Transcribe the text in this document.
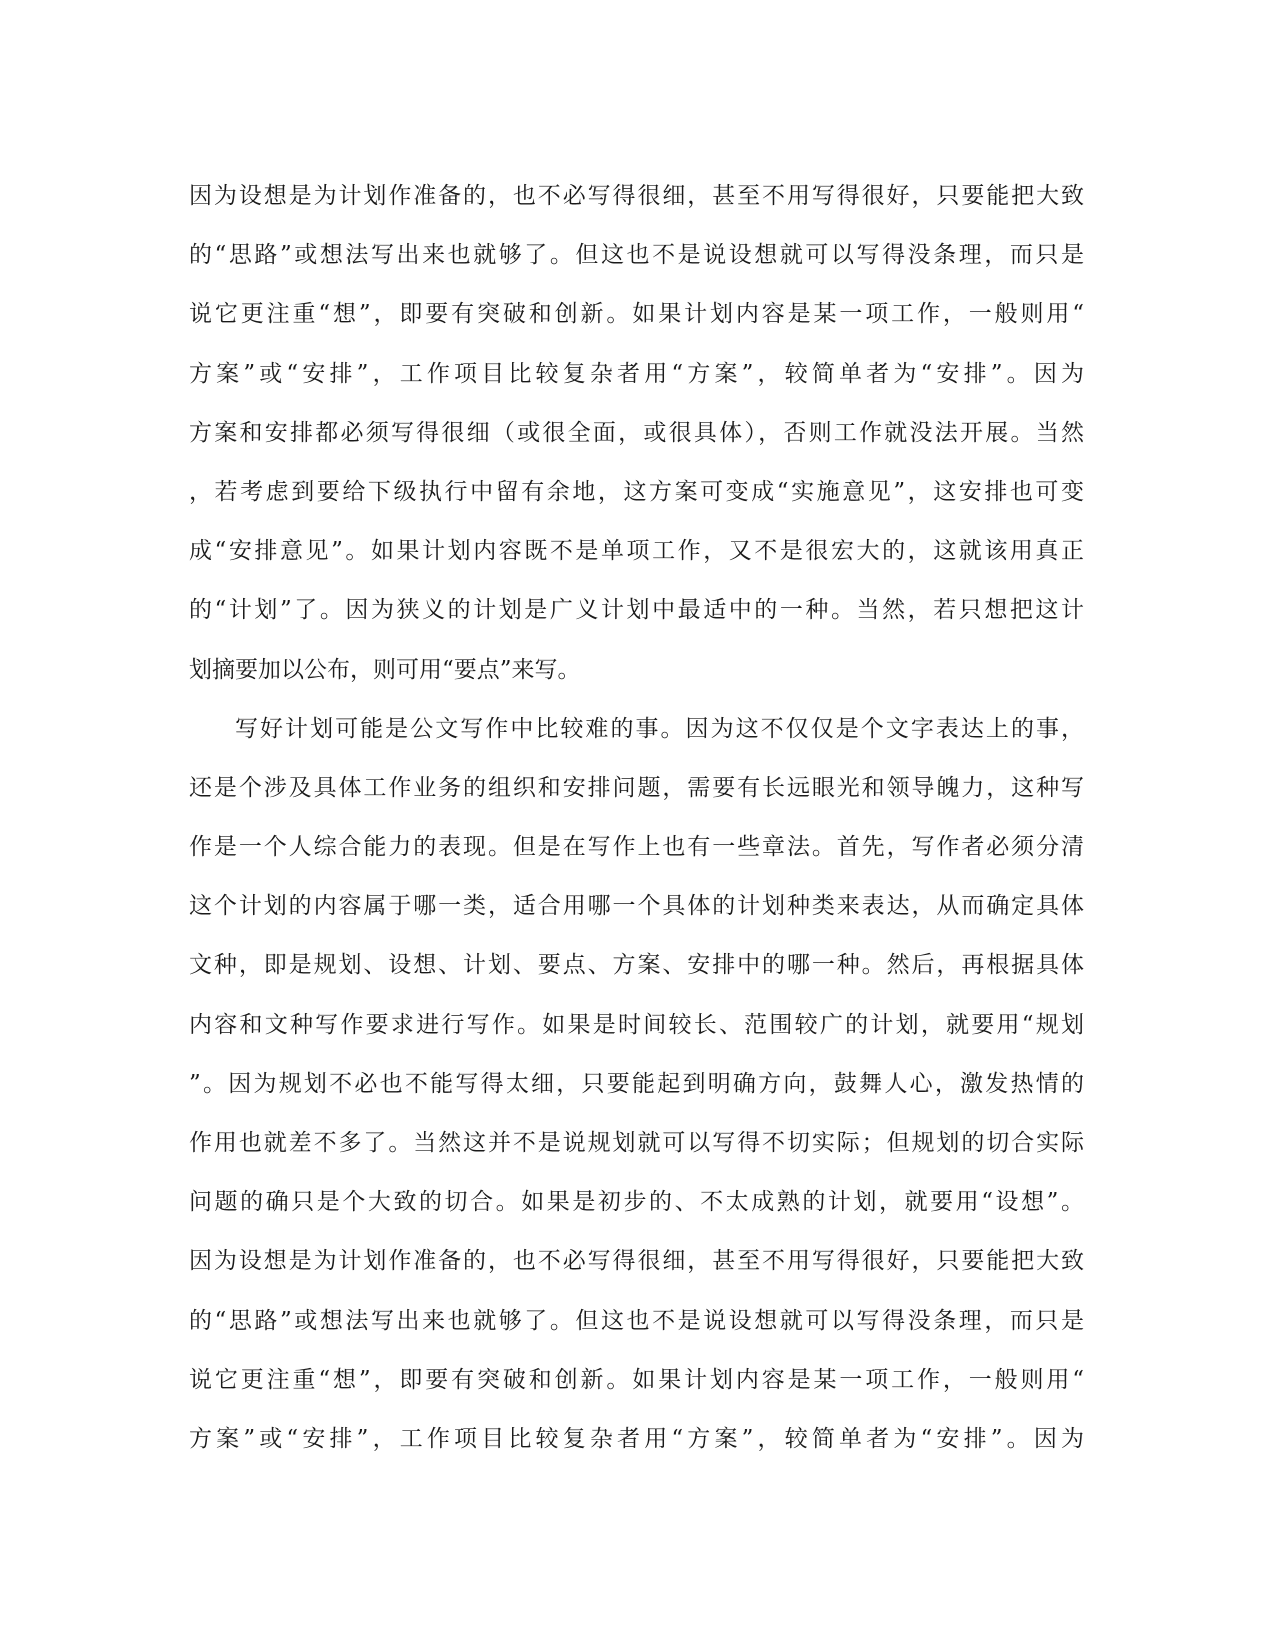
因为设想是为计划作准备的，也不必写得很细，甚至不用写得很好，只要能把大致
的“思路”或想法写出来也就够了。但这也不是说设想就可以写得没条理，而只是
说它更注重“想”，即要有突破和创新。如果计划内容是某一项工作，一般则用“
方案”或“安排”，工作项目比较复杂者用“方案”，较简单者为“安排”。因为
方案和安排都必须写得很细（或很全面，或很具体），否则工作就没法开展。当然
，若考虑到要给下级执行中留有余地，这方案可变成“实施意见”，这安排也可变
成“安排意见”。如果计划内容既不是单项工作，又不是很宏大的，这就该用真正
的“计划”了。因为狭义的计划是广义计划中最适中的一种。当然，若只想把这计
划摘要加以公布，则可用“要点”来写。
写好计划可能是公文写作中比较难的事。因为这不仅仅是个文字表达上的事，
还是个涉及具体工作业务的组织和安排问题，需要有长远眼光和领导魄力，这种写
作是一个人综合能力的表现。但是在写作上也有一些章法。首先，写作者必须分清
这个计划的内容属于哪一类，适合用哪一个具体的计划种类来表达，从而确定具体
文种，即是规划、设想、计划、要点、方案、安排中的哪一种。然后，再根据具体
内容和文种写作要求进行写作。如果是时间较长、范围较广的计划，就要用“规划
”。因为规划不必也不能写得太细，只要能起到明确方向，鼓舞人心，激发热情的
作用也就差不多了。当然这并不是说规划就可以写得不切实际；但规划的切合实际
问题的确只是个大致的切合。如果是初步的、不太成熟的计划，就要用“设想”。
因为设想是为计划作准备的，也不必写得很细，甚至不用写得很好，只要能把大致
的“思路”或想法写出来也就够了。但这也不是说设想就可以写得没条理，而只是
说它更注重“想”，即要有突破和创新。如果计划内容是某一项工作，一般则用“
方案”或“安排”，工作项目比较复杂者用“方案”，较简单者为“安排”。因为
